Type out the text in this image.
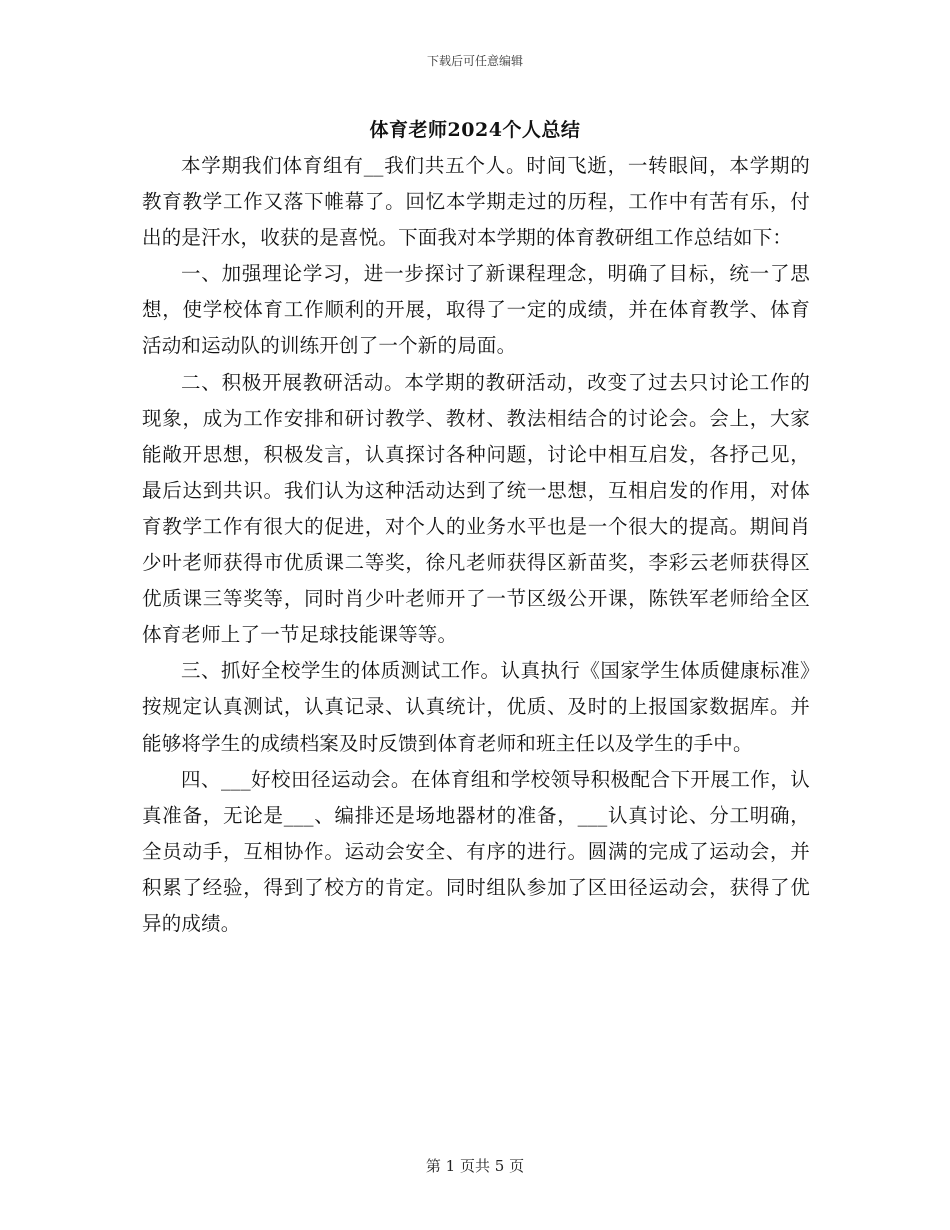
下载后可任意编辑
体育老师2024个人总结

本学期我们体育组有__我们共五个人。时间飞逝，一转眼间，本学期的教育教学工作又落下帷幕了。回忆本学期走过的历程，工作中有苦有乐，付出的是汗水，收获的是喜悦。下面我对本学期的体育教研组工作总结如下：

一、加强理论学习，进一步探讨了新课程理念，明确了目标，统一了思想，使学校体育工作顺利的开展，取得了一定的成绩，并在体育教学、体育活动和运动队的训练开创了一个新的局面。

二、积极开展教研活动。本学期的教研活动，改变了过去只讨论工作的现象，成为工作安排和研讨教学、教材、教法相结合的讨论会。会上，大家能敞开思想，积极发言，认真探讨各种问题，讨论中相互启发，各抒己见，最后达到共识。我们认为这种活动达到了统一思想，互相启发的作用，对体育教学工作有很大的促进，对个人的业务水平也是一个很大的提高。期间肖少叶老师获得市优质课二等奖，徐凡老师获得区新苗奖，李彩云老师获得区优质课三等奖等，同时肖少叶老师开了一节区级公开课，陈铁军老师给全区体育老师上了一节足球技能课等等。

三、抓好全校学生的体质测试工作。认真执行《国家学生体质健康标准》按规定认真测试，认真记录、认真统计，优质、及时的上报国家数据库。并能够将学生的成绩档案及时反馈到体育老师和班主任以及学生的手中。

四、___好校田径运动会。在体育组和学校领导积极配合下开展工作，认真准备，无论是___、编排还是场地器材的准备，___认真讨论、分工明确，全员动手，互相协作。运动会安全、有序的进行。圆满的完成了运动会，并积累了经验，得到了校方的肯定。同时组队参加了区田径运动会，获得了优异的成绩。

第 1 页共 5 页
